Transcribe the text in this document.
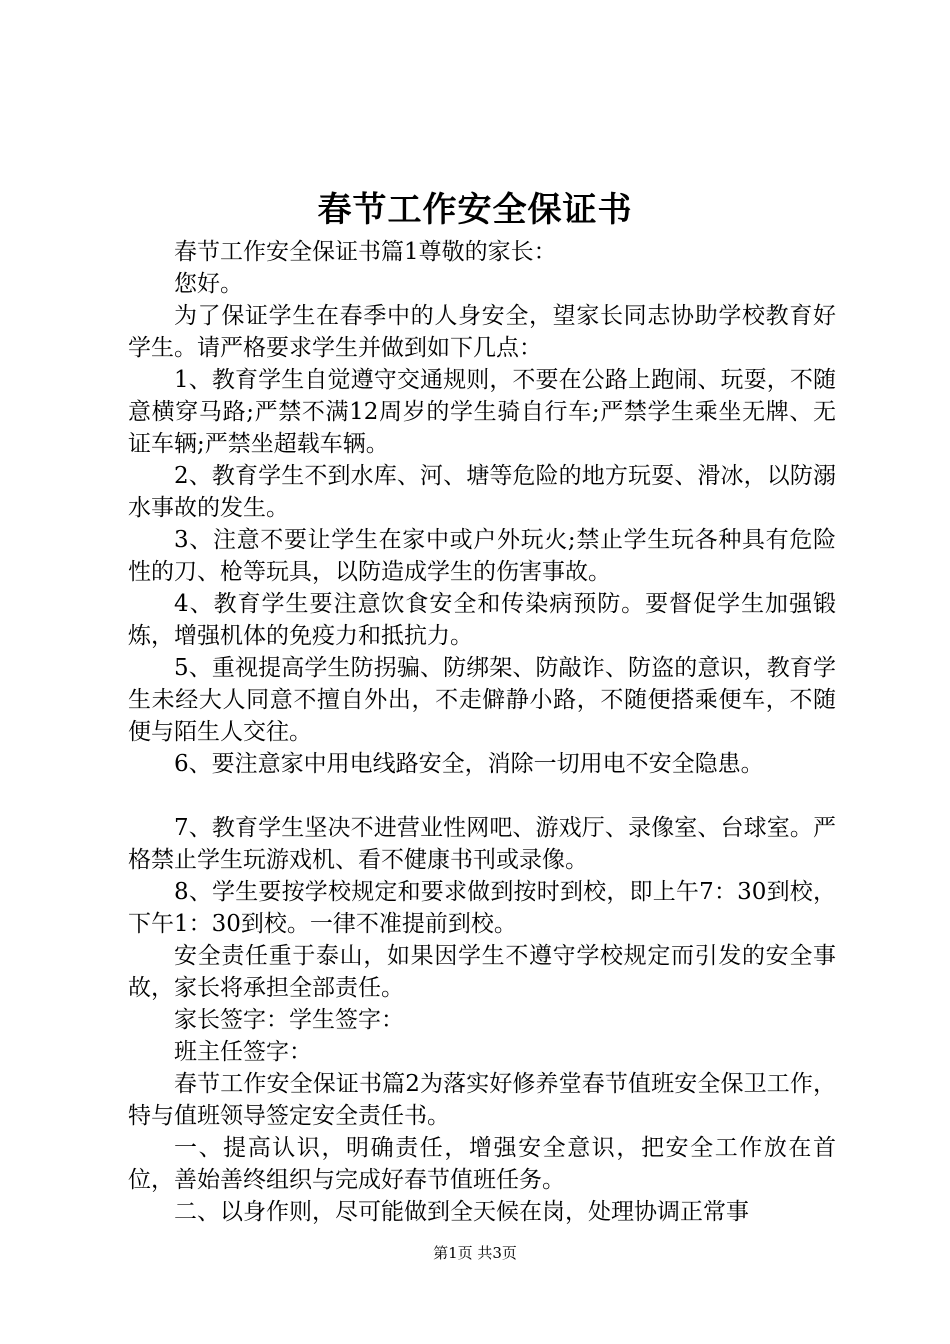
春节工作安全保证书

春节工作安全保证书篇1尊敬的家长：

您好。

为了保证学生在春季中的人身安全，望家长同志协助学校教育好学生。请严格要求学生并做到如下几点：

1、教育学生自觉遵守交通规则，不要在公路上跑闹、玩耍，不随意横穿马路;严禁不满12周岁的学生骑自行车;严禁学生乘坐无牌、无证车辆;严禁坐超载车辆。

2、教育学生不到水库、河、塘等危险的地方玩耍、滑冰，以防溺水事故的发生。

3、注意不要让学生在家中或户外玩火;禁止学生玩各种具有危险性的刀、枪等玩具，以防造成学生的伤害事故。

4、教育学生要注意饮食安全和传染病预防。要督促学生加强锻炼，增强机体的免疫力和抵抗力。

5、重视提高学生防拐骗、防绑架、防敲诈、防盗的意识，教育学生未经大人同意不擅自外出，不走僻静小路，不随便搭乘便车，不随便与陌生人交往。

6、要注意家中用电线路安全，消除一切用电不安全隐患。

7、教育学生坚决不进营业性网吧、游戏厅、录像室、台球室。严格禁止学生玩游戏机、看不健康书刊或录像。

8、学生要按学校规定和要求做到按时到校，即上午7：30到校，下午1：30到校。一律不准提前到校。

安全责任重于泰山，如果因学生不遵守学校规定而引发的安全事故，家长将承担全部责任。

家长签字：学生签字：

班主任签字：

春节工作安全保证书篇2为落实好修养堂春节值班安全保卫工作，特与值班领导签定安全责任书。

一、提高认识，明确责任，增强安全意识，把安全工作放在首位，善始善终组织与完成好春节值班任务。

二、以身作则，尽可能做到全天候在岗，处理协调正常事

第1页 共3页
